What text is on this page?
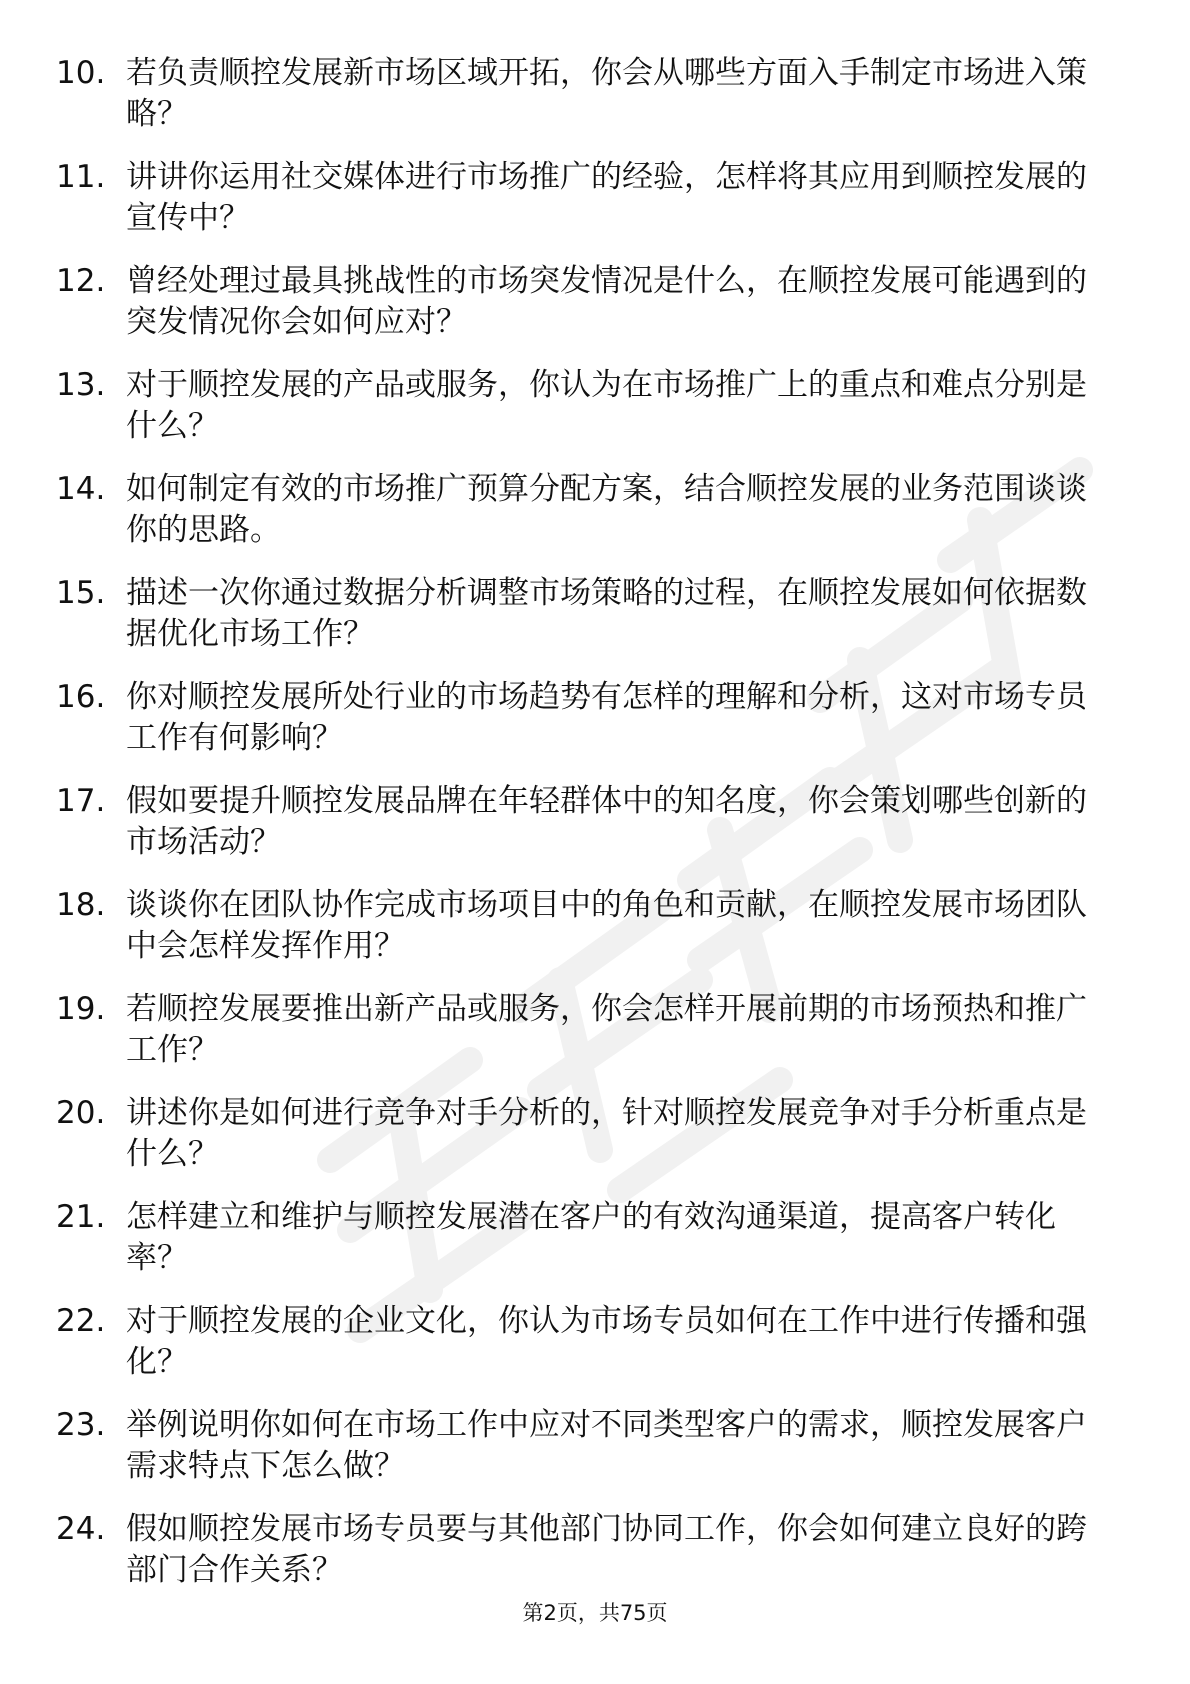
10. 若负责顺控发展新市场区域开拓，你会从哪些方面入手制定市场进入策略？
11. 讲讲你运用社交媒体进行市场推广的经验，怎样将其应用到顺控发展的宣传中？
12. 曾经处理过最具挑战性的市场突发情况是什么，在顺控发展可能遇到的突发情况你会如何应对？
13. 对于顺控发展的产品或服务，你认为在市场推广上的重点和难点分别是什么？
14. 如何制定有效的市场推广预算分配方案，结合顺控发展的业务范围谈谈你的思路。
15. 描述一次你通过数据分析调整市场策略的过程，在顺控发展如何依据数据优化市场工作？
16. 你对顺控发展所处行业的市场趋势有怎样的理解和分析，这对市场专员工作有何影响？
17. 假如要提升顺控发展品牌在年轻群体中的知名度，你会策划哪些创新的市场活动？
18. 谈谈你在团队协作完成市场项目中的角色和贡献，在顺控发展市场团队中会怎样发挥作用？
19. 若顺控发展要推出新产品或服务，你会怎样开展前期的市场预热和推广工作？
20. 讲述你是如何进行竞争对手分析的，针对顺控发展竞争对手分析重点是什么？
21. 怎样建立和维护与顺控发展潜在客户的有效沟通渠道，提高客户转化率？
22. 对于顺控发展的企业文化，你认为市场专员如何在工作中进行传播和强化？
23. 举例说明你如何在市场工作中应对不同类型客户的需求，顺控发展客户需求特点下怎么做？
24. 假如顺控发展市场专员要与其他部门协同工作，你会如何建立良好的跨部门合作关系？
第2页，共75页
